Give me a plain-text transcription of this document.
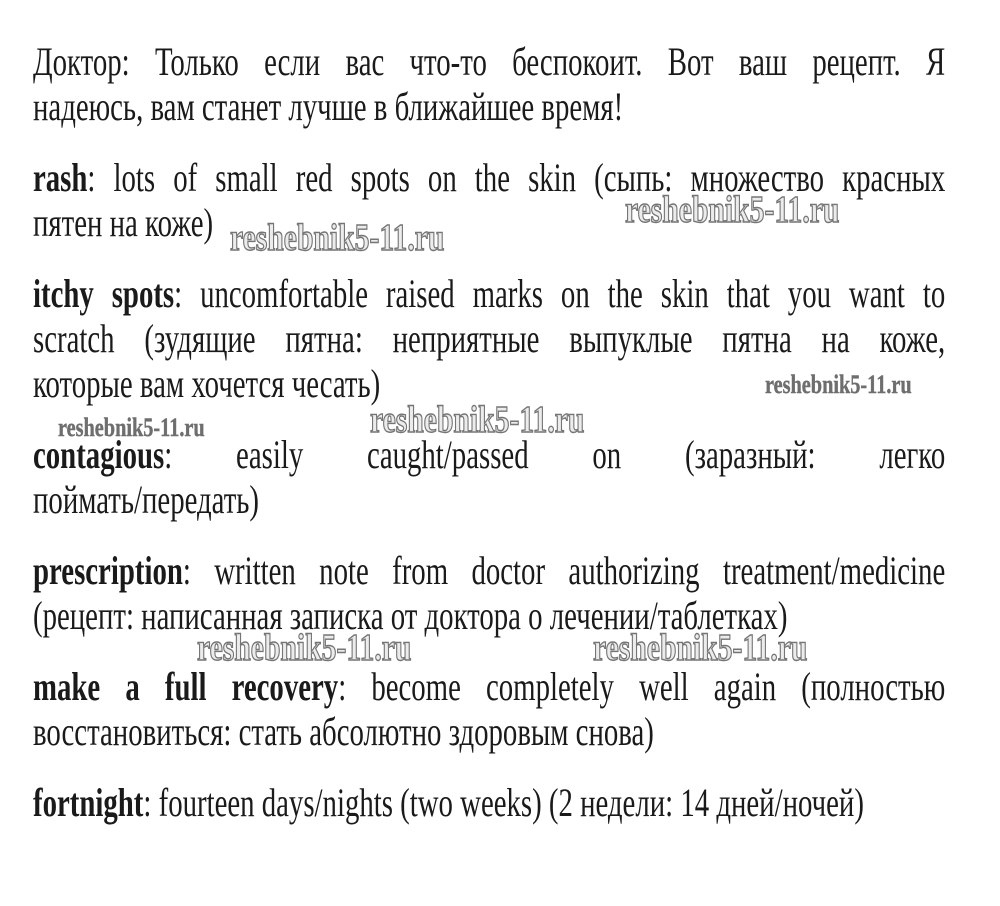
Доктор: Только если вас что-то беспокоит. Вот ваш рецепт. Я
надеюсь, вам станет лучше в ближайшее время!
rash: lots of small red spots on the skin (сыпь: множество красных
пятен на коже)
itchy spots: uncomfortable raised marks on the skin that you want to
scratch (зудящие пятна: неприятные выпуклые пятна на коже,
которые вам хочется чесать)
contagious: easily caught/passed on (заразный: легко
поймать/передать)
prescription: written note from doctor authorizing treatment/medicine
(рецепт: написанная записка от доктора о лечении/таблетках)
make a full recovery: become completely well again (полностью
восстановиться: стать абсолютно здоровым снова)
fortnight: fourteen days/nights (two weeks) (2 недели: 14 дней/ночей)
reshebnik5-11.ru
reshebnik5-11.ru
reshebnik5-11.ru
reshebnik5-11.ru	reshebnik5-11.ru
reshebnik5-11.ru	reshebnik5-11.ru
